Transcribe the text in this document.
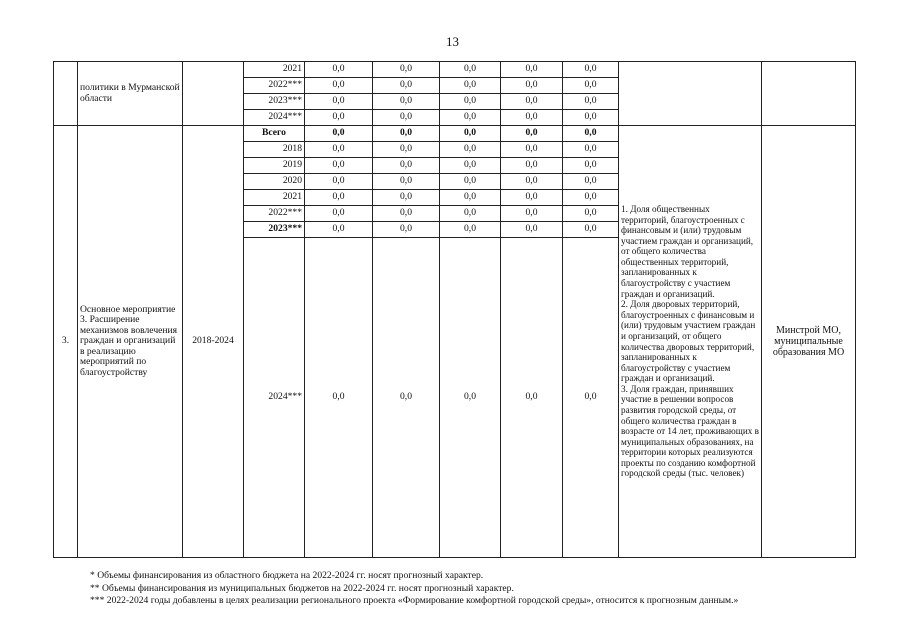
13
	политики в Мурманской области		2021	0,0	0,0	0,0	0,0	0,0		
			2022***	0,0	0,0	0,0	0,0	0,0		
			2023***	0,0	0,0	0,0	0,0	0,0		
			2024***	0,0	0,0	0,0	0,0	0,0		
3.	Основное мероприятие 3. Расширение механизмов вовлечения граждан и организаций в реализацию мероприятий по благоустройству	2018-2024	Всего	0,0	0,0	0,0	0,0	0,0	1. Доля общественных территорий, благоустроенных с финансовым и (или) трудовым участием граждан и организаций, от общего количества общественных территорий, запланированных к благоустройству с участием граждан и организаций.
2. Доля дворовых территорий, благоустроенных с финансовым и (или) трудовым участием граждан и организаций, от общего количества дворовых территорий, запланированных к благоустройству с участием граждан и организаций.
3. Доля граждан, принявших участие в решении вопросов развития городской среды, от общего количества граждан в возрасте от 14 лет, проживающих в муниципальных образованиях, на территории которых реализуются проекты по созданию комфортной городской среды (тыс. человек)	Минстрой МО, муниципальные образования МО
			2018	0,0	0,0	0,0	0,0	0,0		
			2019	0,0	0,0	0,0	0,0	0,0		
			2020	0,0	0,0	0,0	0,0	0,0		
			2021	0,0	0,0	0,0	0,0	0,0		
			2022***	0,0	0,0	0,0	0,0	0,0		
			2023***	0,0	0,0	0,0	0,0	0,0		
			2024***	0,0	0,0	0,0	0,0	0,0		
* Объемы финансирования из областного бюджета на 2022-2024 гг. носят прогнозный характер.
** Объемы финансирования из муниципальных бюджетов на 2022-2024 гг. носят прогнозный характер.
*** 2022-2024 годы добавлены в целях реализации регионального проекта «Формирование комфортной городской среды», относится к прогнозным данным.»
